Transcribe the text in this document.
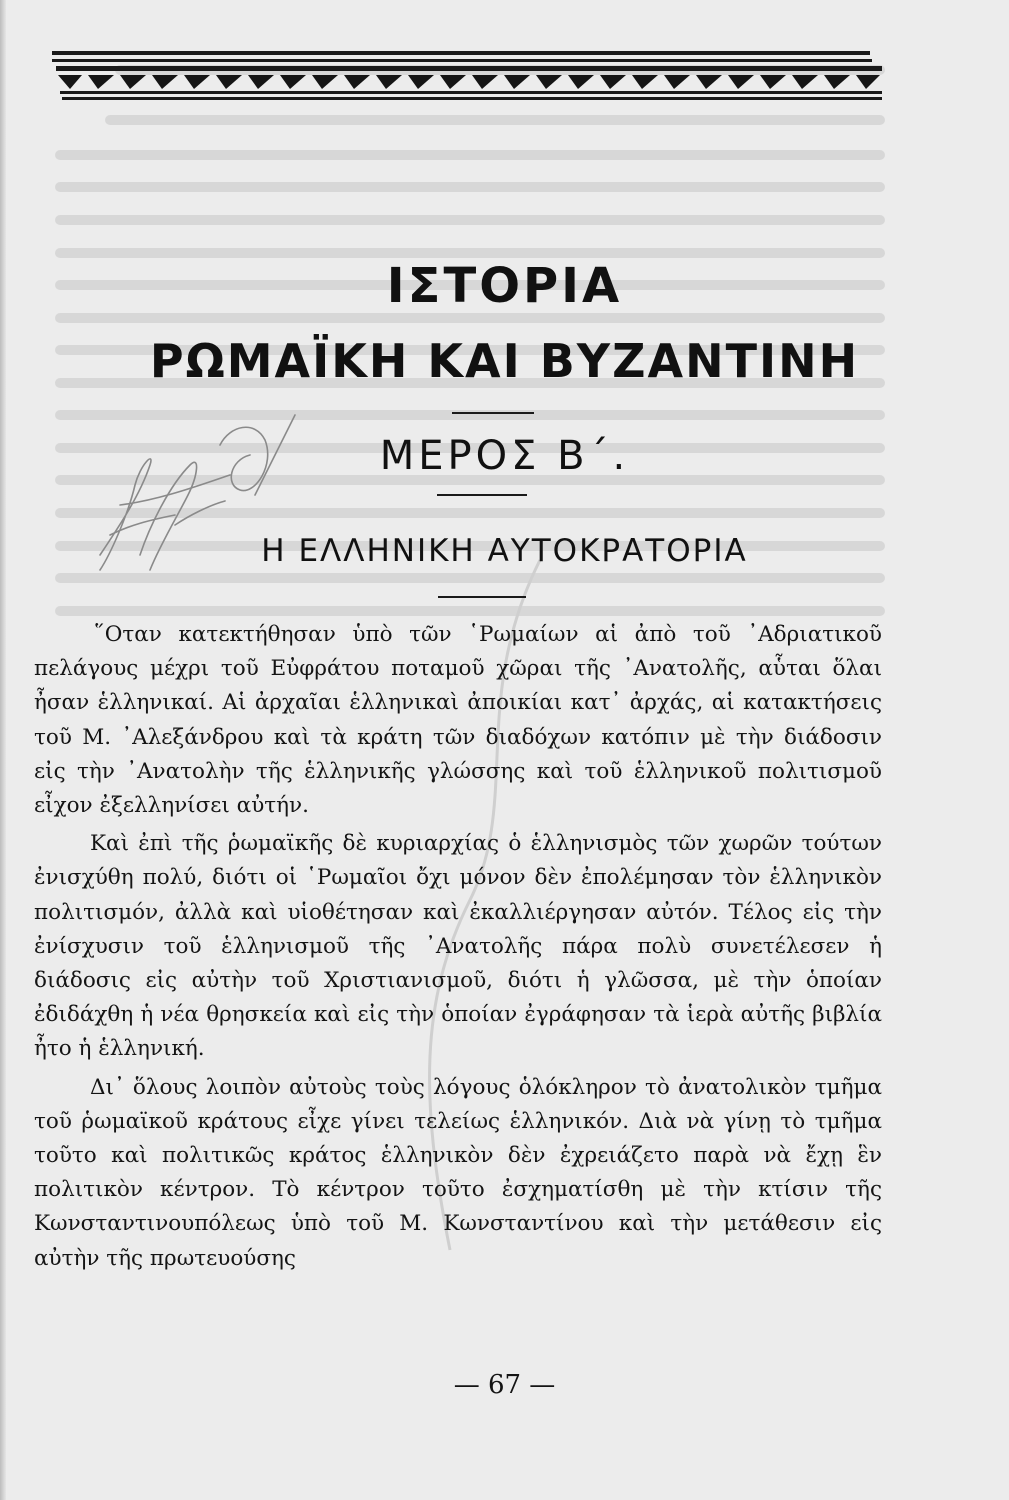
ΙΣΤΟΡΙΑ
ΡΩΜΑΪΚΗ ΚΑΙ ΒΥΖΑΝΤΙΝΗ
ΜΕΡΟΣ Β΄.
Η ΕΛΛΗΝΙΚΗ ΑΥΤΟΚΡΑΤΟΡΙΑ

῞Οταν κατεκτήθησαν ὑπὸ τῶν ῾Ρωμαίων αἱ ἀπὸ τοῦ ᾿Αδριατικοῦ πελάγους μέχρι τοῦ Εὐφράτου ποταμοῦ χῶραι τῆς ᾿Ανατολῆς, αὗται ὅλαι ἦσαν ἑλληνικαί. Αἱ ἀρχαῖαι ἑλληνικαὶ ἀποικίαι κατ᾿ ἀρχάς, αἱ κατακτήσεις τοῦ Μ. ᾿Αλεξάνδρου καὶ τὰ κράτη τῶν διαδόχων κατόπιν μὲ τὴν διάδοσιν εἰς τὴν ᾿Ανατολὴν τῆς ἑλληνικῆς γλώσσης καὶ τοῦ ἑλληνικοῦ πολιτισμοῦ εἶχον ἐξελληνίσει αὐτήν.

Καὶ ἐπὶ τῆς ῥωμαϊκῆς δὲ κυριαρχίας ὁ ἑλληνισμὸς τῶν χωρῶν τούτων ἐνισχύθη πολύ, διότι οἱ ῾Ρωμαῖοι ὄχι μόνον δὲν ἐπολέμησαν τὸν ἑλληνικὸν πολιτισμόν, ἀλλὰ καὶ υἱοθέτησαν καὶ ἐκαλλιέργησαν αὐτόν. Τέλος εἰς τὴν ἐνίσχυσιν τοῦ ἑλληνισμοῦ τῆς ᾿Ανατολῆς πάρα πολὺ συνετέλεσεν ἡ διάδοσις εἰς αὐτὴν τοῦ Χριστιανισμοῦ, διότι ἡ γλῶσσα, μὲ τὴν ὁποίαν ἐδιδάχθη ἡ νέα θρησκεία καὶ εἰς τὴν ὁποίαν ἐγράφησαν τὰ ἱερὰ αὐτῆς βιβλία ἦτο ἡ ἑλληνική.

Δι᾿ ὅλους λοιπὸν αὐτοὺς τοὺς λόγους ὁλόκληρον τὸ ἀνατολικὸν τμῆμα τοῦ ῥωμαϊκοῦ κράτους εἶχε γίνει τελείως ἑλληνικόν. Διὰ νὰ γίνῃ τὸ τμῆμα τοῦτο καὶ πολιτικῶς κράτος ἑλληνικὸν δὲν ἐχρειάζετο παρὰ νὰ ἔχῃ ἓν πολιτικὸν κέντρον. Τὸ κέντρον τοῦτο ἐσχηματίσθη μὲ τὴν κτίσιν τῆς Κωνσταντινουπόλεως ὑπὸ τοῦ Μ. Κωνσταντίνου καὶ τὴν μετάθεσιν εἰς αὐτὴν τῆς πρωτευούσης

— 67 —
